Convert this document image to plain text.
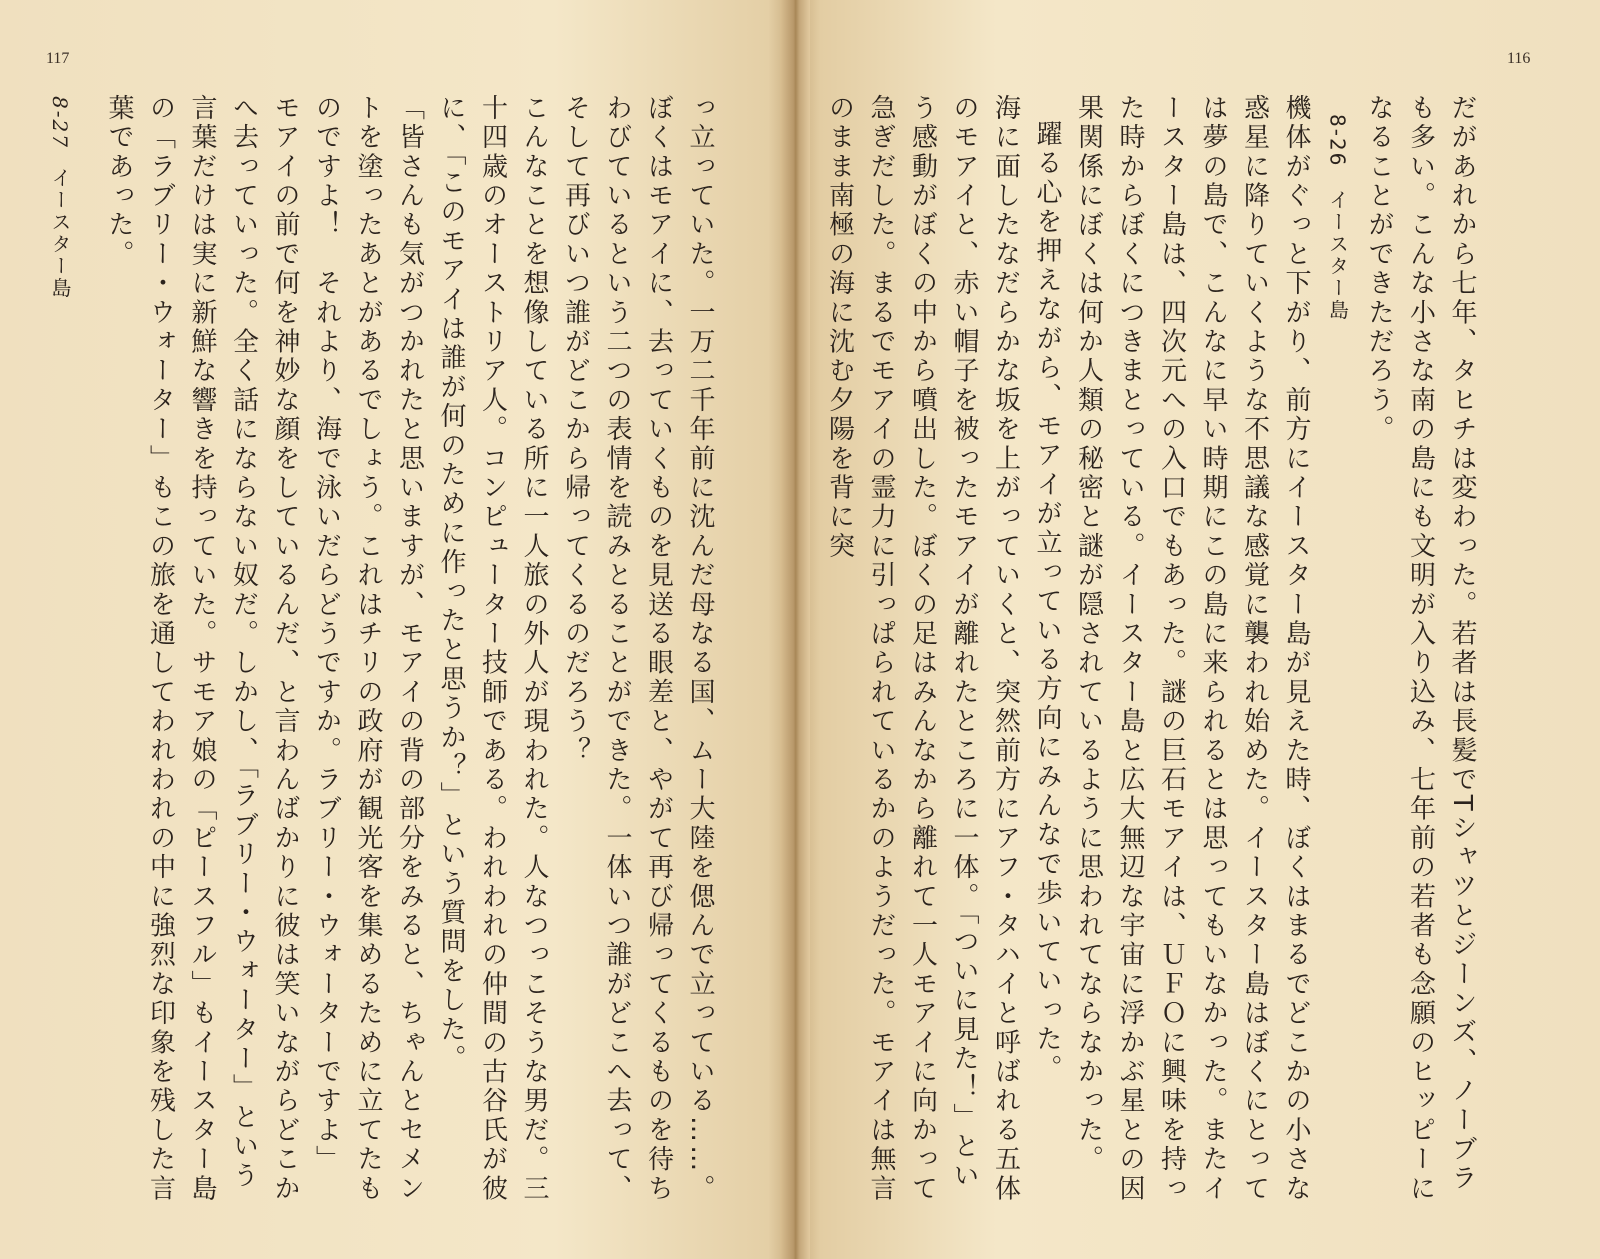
117	116
8-27 イースター島	だがあれから七年、タヒチは変わった。若者は長髪でTシャツとジーンズ、ノーブラも多い。こんな小さな南の島にも文明が入り込み、七年前の若者も念願のヒッピーになることができただろう。

8-26　イースター島

機体がぐっと下がり、前方にイースター島が見えた時、ぼくはまるでどこかの小さな惑星に降りていくような不思議な感覚に襲われ始めた。イースター島はぼくにとっては夢の島で、こんなに早い時期にこの島に来られるとは思ってもいなかった。またイースター島は、四次元への入口でもあった。謎の巨石モアイは、ＵＦＯに興味を持った時からぼくにつきまとっている。イースター島と広大無辺な宇宙に浮かぶ星との因果関係にぼくは何か人類の秘密と謎が隠されているように思われてならなかった。

躍る心を押えながら、モアイが立っている方向にみんなで歩いていった。

海に面したなだらかな坂を上がっていくと、突然前方にアフ・タハイと呼ばれる五体のモアイと、赤い帽子を被ったモアイが離れたところに一体。「ついに見た！」という感動がぼくの中から噴出した。ぼくの足はみんなから離れて一人モアイに向かって急ぎだした。まるでモアイの霊力に引っぱられているかのようだった。モアイは無言のまま南極の海に沈む夕陽を背に突

っ立っていた。一万二千年前に沈んだ母なる国、ムー大陸を偲んで立っている……。ぼくはモアイに、去っていくものを見送る眼差と、やがて再び帰ってくるものを待ちわびているという二つの表情を読みとることができた。一体いつ誰がどこへ去って、そして再びいつ誰がどこから帰ってくるのだろう？

こんなことを想像している所に一人旅の外人が現われた。人なつっこそうな男だ。三十四歳のオーストリア人。コンピューター技師である。われわれの仲間の古谷氏が彼に、「このモアイは誰が何のために作ったと思うか？」という質問をした。

「皆さんも気がつかれたと思いますが、モアイの背の部分をみると、ちゃんとセメントを塗ったあとがあるでしょう。これはチリの政府が観光客を集めるために立てたものですよ！　それより、海で泳いだらどうですか。ラブリー・ウォーターですよ」

モアイの前で何を神妙な顔をしているんだ、と言わんばかりに彼は笑いながらどこかへ去っていった。全く話にならない奴だ。しかし、「ラブリー・ウォーター」という言葉だけは実に新鮮な響きを持っていた。サモア娘の「ピースフル」もイースター島の「ラブリー・ウォーター」もこの旅を通してわれわれの中に強烈な印象を残した言葉であった。
